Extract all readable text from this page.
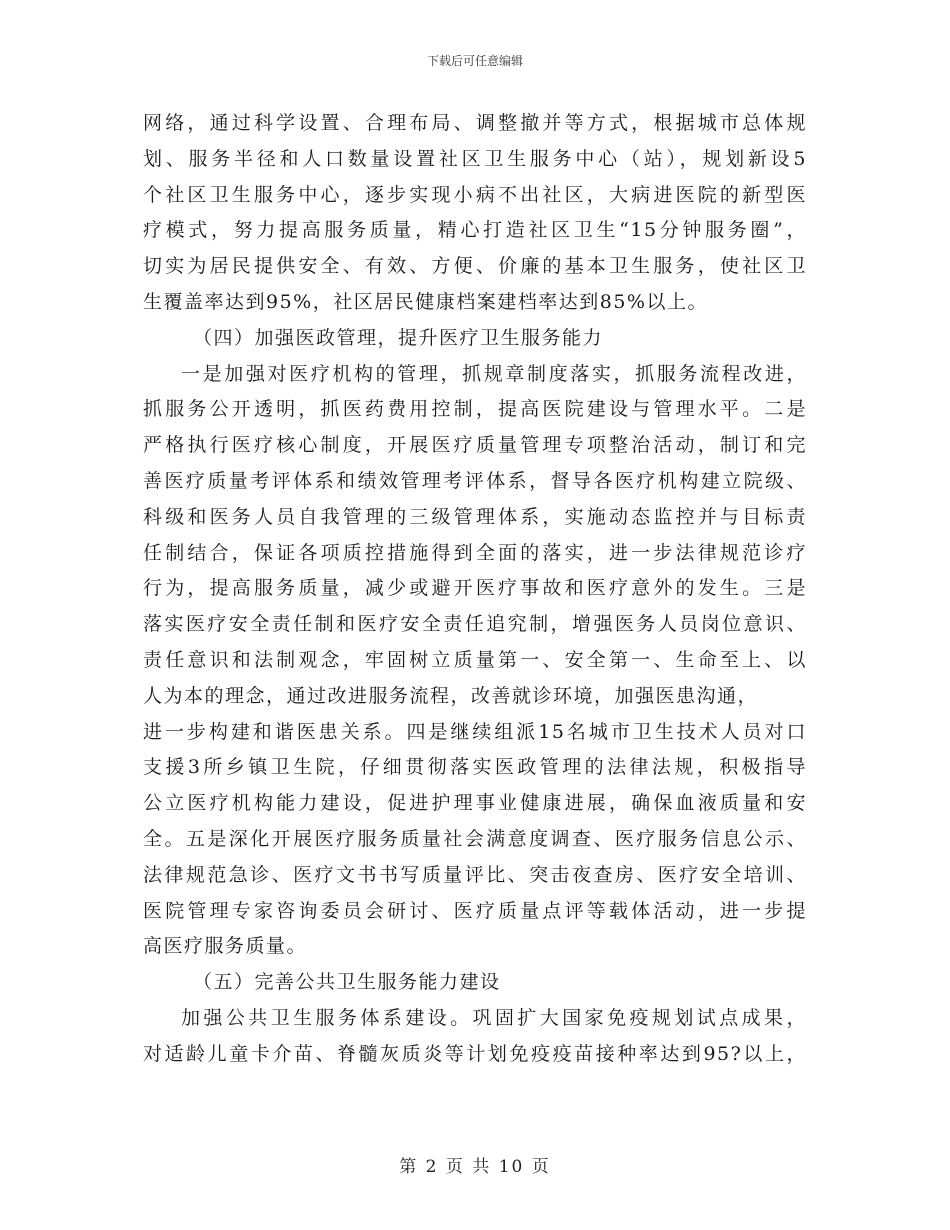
下载后可任意编辑
网络，通过科学设置、合理布局、调整撤并等方式，根据城市总体规
划、服务半径和人口数量设置社区卫生服务中心（站），规划新设5
个社区卫生服务中心，逐步实现小病不出社区，大病进医院的新型医
疗模式，努力提高服务质量，精心打造社区卫生“15分钟服务圈”，
切实为居民提供安全、有效、方便、价廉的基本卫生服务，使社区卫
生覆盖率达到95%，社区居民健康档案建档率达到85%以上。
（四）加强医政管理，提升医疗卫生服务能力
一是加强对医疗机构的管理，抓规章制度落实，抓服务流程改进，
抓服务公开透明，抓医药费用控制，提高医院建设与管理水平。二是
严格执行医疗核心制度，开展医疗质量管理专项整治活动，制订和完
善医疗质量考评体系和绩效管理考评体系，督导各医疗机构建立院级、
科级和医务人员自我管理的三级管理体系，实施动态监控并与目标责
任制结合，保证各项质控措施得到全面的落实，进一步法律规范诊疗
行为，提高服务质量，减少或避开医疗事故和医疗意外的发生。三是
落实医疗安全责任制和医疗安全责任追究制，增强医务人员岗位意识、
责任意识和法制观念，牢固树立质量第一、安全第一、生命至上、以
人为本的理念，通过改进服务流程，改善就诊环境，加强医患沟通，
进一步构建和谐医患关系。四是继续组派15名城市卫生技术人员对口
支援3所乡镇卫生院，仔细贯彻落实医政管理的法律法规，积极指导
公立医疗机构能力建设，促进护理事业健康进展，确保血液质量和安
全。五是深化开展医疗服务质量社会满意度调查、医疗服务信息公示、
法律规范急诊、医疗文书书写质量评比、突击夜查房、医疗安全培训、
医院管理专家咨询委员会研讨、医疗质量点评等载体活动，进一步提
高医疗服务质量。
（五）完善公共卫生服务能力建设
加强公共卫生服务体系建设。巩固扩大国家免疫规划试点成果，
对适龄儿童卡介苗、脊髓灰质炎等计划免疫疫苗接种率达到95?以上，
第 2 页 共 10 页
